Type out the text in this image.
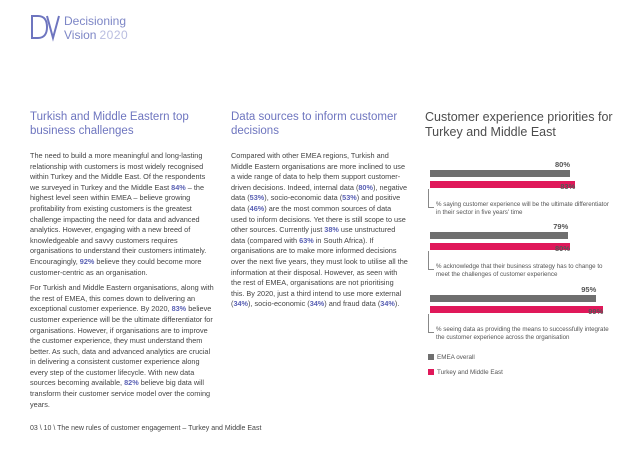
Decisioning
Vision 2020
Turkish and Middle Eastern top business challenges

The need to build a more meaningful and long-lasting relationship with customers is most widely recognised within Turkey and the Middle East. Of the respondents we surveyed in Turkey and the Middle East 84% – the highest level seen within EMEA – believe growing profitability from existing customers is the greatest challenge impacting the need for data and advanced analytics. However, engaging with a new breed of knowledgeable and savvy customers requires organisations to understand their customers intimately. Encouragingly, 92% believe they could become more customer-centric as an organisation.

For Turkish and Middle Eastern organisations, along with the rest of EMEA, this comes down to delivering an exceptional customer experience. By 2020, 83% believe customer experience will be the ultimate differentiator for organisations. However, if organisations are to improve the customer experience, they must understand them better. As such, data and advanced analytics are crucial in delivering a consistent customer experience along every step of the customer lifecycle. With new data sources becoming available, 82% believe big data will transform their customer service model over the coming years.

Data sources to inform customer decisions

Compared with other EMEA regions, Turkish and Middle Eastern organisations are more inclined to use a wide range of data to help them support customer-driven decisions. Indeed, internal data (80%), negative data (53%), socio-economic data (53%) and positive data (46%) are the most common sources of data used to inform decisions. Yet there is still scope to use other sources. Currently just 38% use unstructured data (compared with 63% in South Africa). If organisations are to make more informed decisions over the next five years, they must look to utilise all the information at their disposal. However, as seen with the rest of EMEA, organisations are not prioritising this. By 2020, just a third intend to use more external (34%), socio-economic (34%) and fraud data (34%).

Customer experience priorities for Turkey and Middle East
80%
83%
% saying customer experience will be the ultimate differentiator in their sector in five years' time
79%
80%
% acknowledge that their business strategy has to change to meet the challenges of customer experience
95%
99%
% seeing data as providing the means to successfully integrate the customer experience across the organisation
EMEA overall
Turkey and Middle East
03 \ 10 \ The new rules of customer engagement – Turkey and Middle East
